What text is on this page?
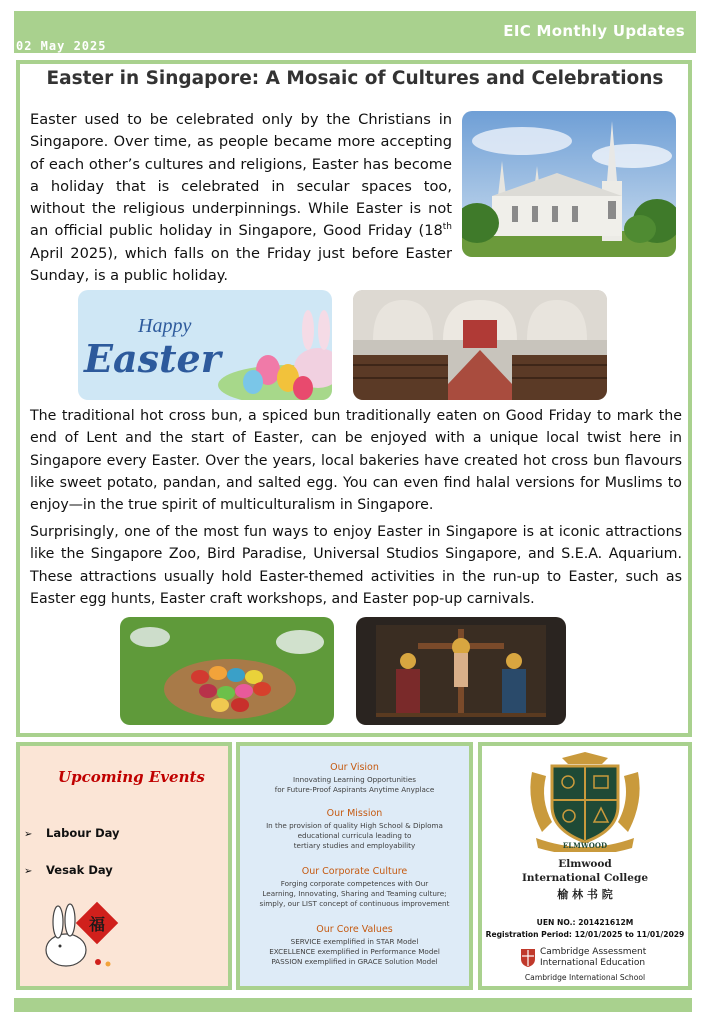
EIC Monthly Updates
02 May 2025
Easter in Singapore: A Mosaic of Cultures and Celebrations

Easter used to be celebrated only by the Christians in Singapore. Over time, as people became more accepting of each other’s cultures and religions, Easter has become a holiday that is celebrated in secular spaces too, without the religious underpinnings. While Easter is not an official public holiday in Singapore, Good Friday (18th April 2025), which falls on the Friday just before Easter Sunday, is a public holiday.

Happy
Easter

The traditional hot cross bun, a spiced bun traditionally eaten on Good Friday to mark the end of Lent and the start of Easter, can be enjoyed with a unique local twist here in Singapore every Easter. Over the years, local bakeries have created hot cross bun flavours like sweet potato, pandan, and salted egg. You can even find halal versions for Muslims to enjoy—in the true spirit of multiculturalism in Singapore.

Surprisingly, one of the most fun ways to enjoy Easter in Singapore is at iconic attractions like the Singapore Zoo, Bird Paradise, Universal Studios Singapore, and S.E.A. Aquarium. These attractions usually hold Easter-themed activities in the run-up to Easter, such as Easter egg hunts, Easter craft workshops, and Easter pop-up carnivals.

Upcoming Events
➢ Labour Day
➢ Vesak Day
福
Our Vision
Innovating Learning Opportunities
for Future-Proof Aspirants Anytime Anyplace
Our Mission
In the provision of quality High School & Diploma
educational curricula leading to
tertiary studies and employability
Our Corporate Culture
Forging corporate competences with Our
Learning, Innovating, Sharing and Teaming culture;
simply, our LIST concept of continuous improvement
Our Core Values
SERVICE exemplified in STAR Model
EXCELLENCE exemplified in Performance Model
PASSION exemplified in GRACE Solution Model
ELMWOOD
Elmwood
International College
榆 林 书 院
UEN NO.: 201421612M
Registration Period: 12/01/2025 to 11/01/2029
Cambridge Assessment
International Education
Cambridge International School
